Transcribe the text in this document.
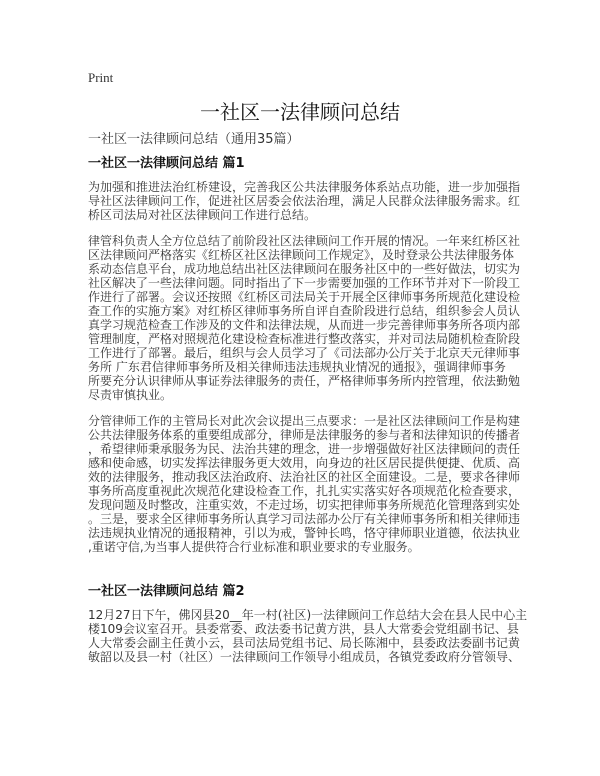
Print
一社区一法律顾问总结
一社区一法律顾问总结（通用35篇）
一社区一法律顾问总结 篇1
为加强和推进法治红桥建设，完善我区公共法律服务体系站点功能，进一步加强指
导社区法律顾问工作，促进社区居委会依法治理，满足人民群众法律服务需求。红
桥区司法局对社区法律顾问工作进行总结。
律管科负责人全方位总结了前阶段社区法律顾问工作开展的情况。一年来红桥区社
区法律顾问严格落实《红桥区社区法律顾问工作规定》，及时登录公共法律服务体
系动态信息平台，成功地总结出社区法律顾问在服务社区中的一些好做法，切实为
社区解决了一些法律问题。同时指出了下一步需要加强的工作环节并对下一阶段工
作进行了部署。会议还按照《红桥区司法局关于开展全区律师事务所规范化建设检
查工作的实施方案》对红桥区律师事务所自评自查阶段进行总结，组织参会人员认
真学习规范检查工作涉及的文件和法律法规，从而进一步完善律师事务所各项内部
管理制度，严格对照规范化建设检查标准进行整改落实，并对司法局随机检查阶段
工作进行了部署。最后，组织与会人员学习了《司法部办公厅关于北京天元律师事
务所 广东君信律师事务所及相关律师违法违规执业情况的通报》，强调律师事务
所要充分认识律师从事证券法律服务的责任，严格律师事务所内控管理，依法勤勉
尽责审慎执业。
分管律师工作的主管局长对此次会议提出三点要求：一是社区法律顾问工作是构建
公共法律服务体系的重要组成部分，律师是法律服务的参与者和法律知识的传播者
，希望律师秉承服务为民、法治共建的理念，进一步增强做好社区法律顾问的责任
感和使命感，切实发挥法律服务更大效用，向身边的社区居民提供便捷、优质、高
效的法律服务，推动我区法治政府、法治社区的社区全面建设。二是，要求各律师
事务所高度重视此次规范化建设检查工作，扎扎实实落实好各项规范化检查要求，
发现问题及时整改，注重实效，不走过场，切实把律师事务所规范化管理落到实处
。三是，要求全区律师事务所认真学习司法部办公厅有关律师事务所和相关律师违
法违规执业情况的通报精神，引以为戒，警钟长鸣，恪守律师职业道德，依法执业
,重诺守信,为当事人提供符合行业标准和职业要求的专业服务。
一社区一法律顾问总结 篇2
12月27日下午，佛冈县20__年一村(社区)一法律顾问工作总结大会在县人民中心主
楼109会议室召开。县委常委、政法委书记黄方洪，县人大常委会党组副书记、县
人大常委会副主任黄小云，县司法局党组书记、局长陈湘中，县委政法委副书记黄
敏韶以及县一村（社区）一法律顾问工作领导小组成员，各镇党委政府分管领导、
